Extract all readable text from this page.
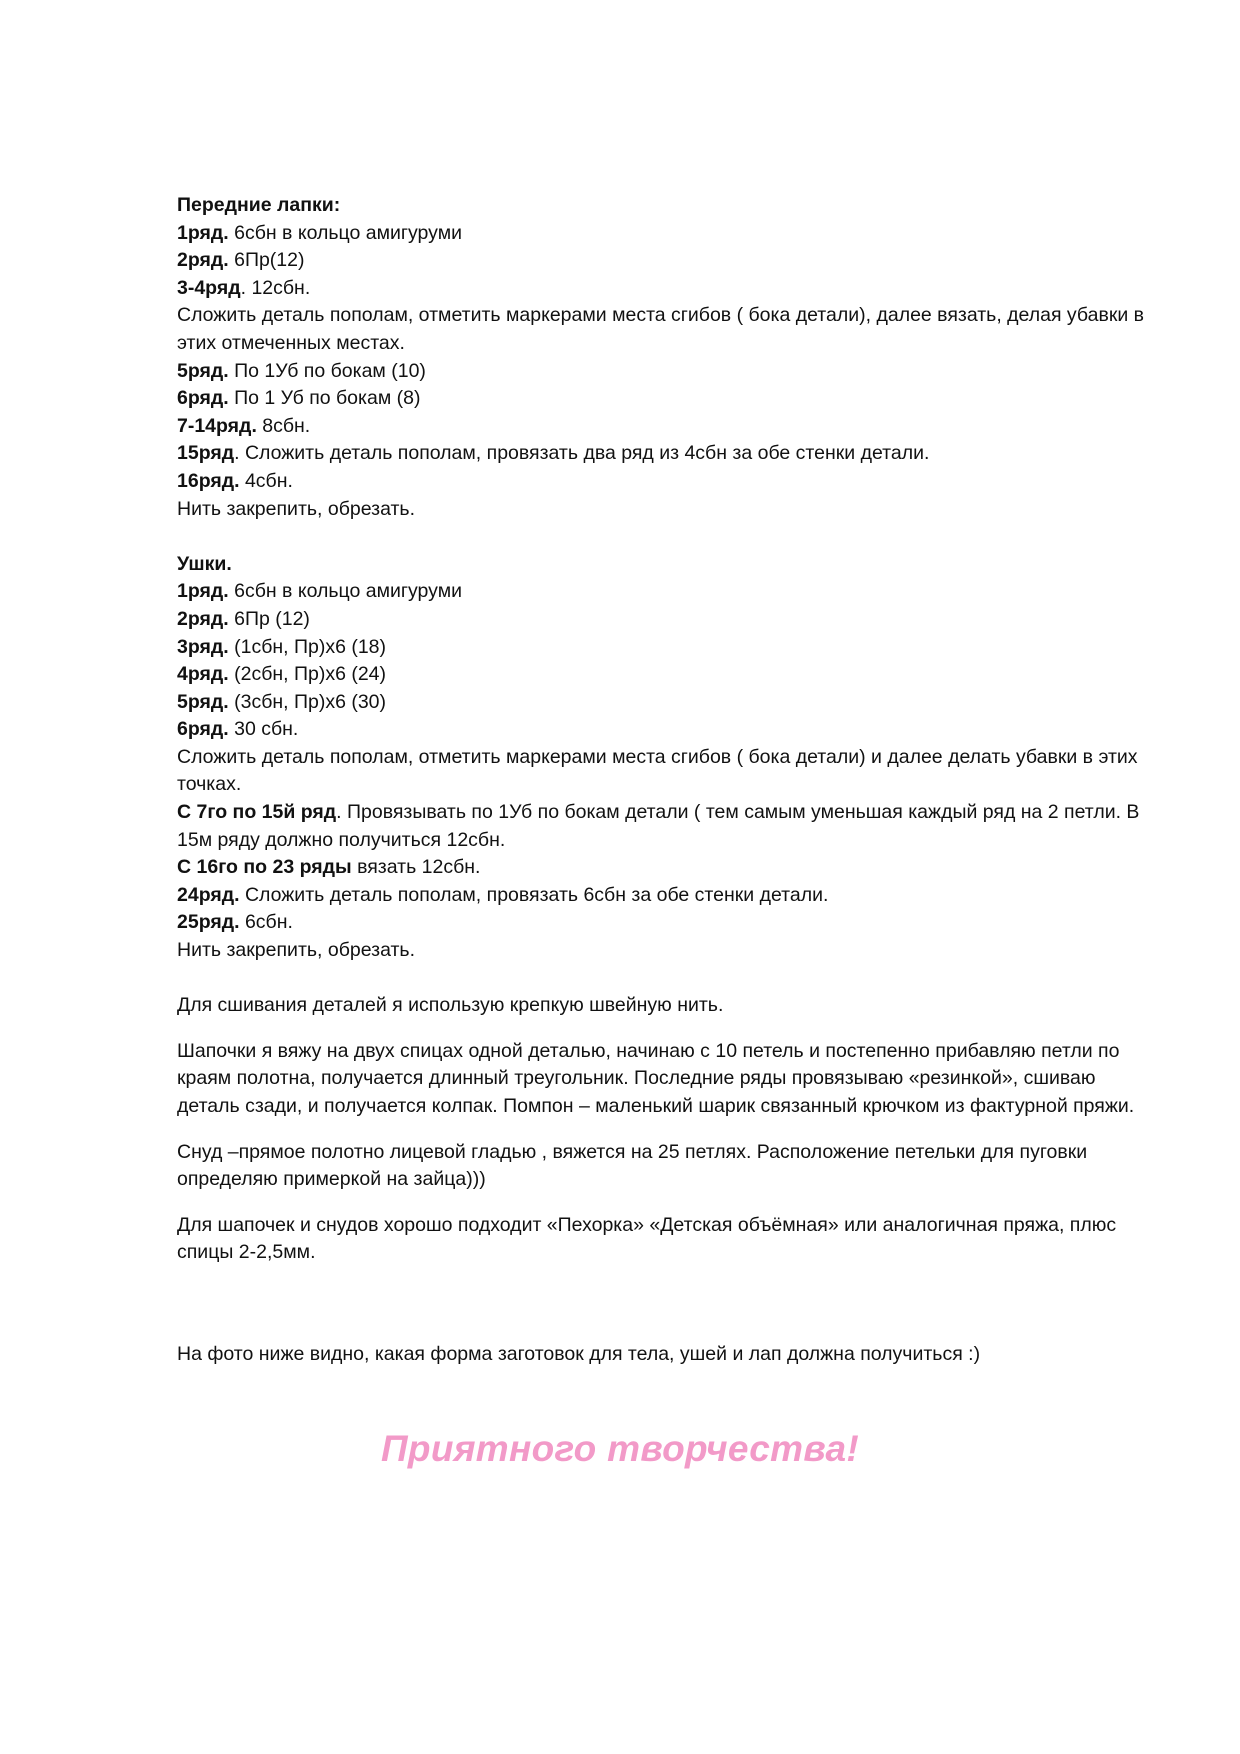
Передние лапки:
1ряд. 6сбн в кольцо амигуруми
2ряд. 6Пр(12)
3-4ряд. 12сбн.
Сложить деталь пополам, отметить маркерами места сгибов ( бока детали), далее вязать, делая убавки в этих отмеченных местах.
5ряд. По 1Уб по бокам (10)
6ряд. По 1 Уб по бокам (8)
7-14ряд. 8сбн.
15ряд. Сложить деталь пополам, провязать два ряд из 4сбн за обе стенки детали.
16ряд. 4сбн.
Нить закрепить, обрезать.
Ушки.
1ряд. 6сбн в кольцо амигуруми
2ряд. 6Пр (12)
3ряд. (1сбн, Пр)х6 (18)
4ряд. (2сбн, Пр)х6 (24)
5ряд. (3сбн, Пр)х6 (30)
6ряд. 30 сбн.
Сложить деталь пополам, отметить маркерами места сгибов ( бока детали) и далее делать убавки в этих точках.
С 7го по 15й ряд. Провязывать по 1Уб по бокам детали ( тем самым уменьшая каждый ряд на 2 петли. В 15м ряду должно получиться 12сбн.
С 16го по 23 ряды вязать 12сбн.
24ряд. Сложить деталь пополам, провязать 6сбн за обе стенки детали.
25ряд. 6сбн.
Нить закрепить, обрезать.
Для сшивания деталей я использую крепкую швейную нить.
Шапочки я вяжу на двух спицах одной деталью, начинаю с 10 петель и постепенно прибавляю петли по краям полотна, получается длинный треугольник. Последние ряды провязываю «резинкой», сшиваю деталь сзади, и получается колпак. Помпон – маленький шарик связанный крючком из фактурной пряжи.
Снуд –прямое полотно лицевой гладью , вяжется на 25 петлях. Расположение петельки для пуговки определяю примеркой на зайца)))
Для шапочек и снудов хорошо подходит «Пехорка» «Детская объёмная» или аналогичная пряжа, плюс спицы 2-2,5мм.
На фото ниже видно, какая форма заготовок для тела, ушей и лап должна получиться :)
Приятного творчества!
